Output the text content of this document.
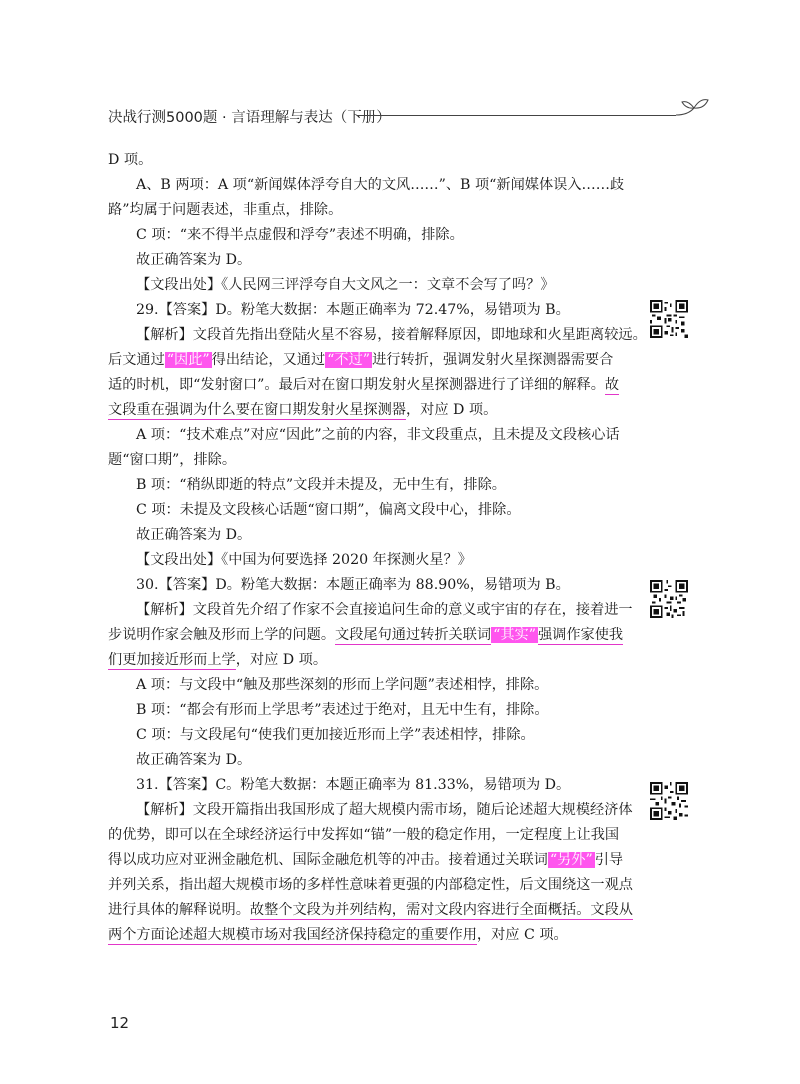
决战行测5000题 · 言语理解与表达（下册）
D 项。
A、B 两项：A 项“新闻媒体浮夸自大的文风……”、B 项“新闻媒体误入……歧
路”均属于问题表述，非重点，排除。
C 项：“来不得半点虚假和浮夸”表述不明确，排除。
故正确答案为 D。
【文段出处】《人民网三评浮夸自大文风之一：文章不会写了吗？》
29.【答案】D。粉笔大数据：本题正确率为 72.47%，易错项为 B。
【解析】文段首先指出登陆火星不容易，接着解释原因，即地球和火星距离较远。
后文通过 “因此” 得出结论，又通过 “不过” 进行转折，强调发射火星探测器需要合
适的时机，即“发射窗口”。最后对在窗口期发射火星探测器进行了详细的解释。故
文段重在强调为什么要在窗口期发射火星探测器，对应 D 项。
A 项：“技术难点”对应“因此”之前的内容，非文段重点，且未提及文段核心话
题“窗口期”，排除。
B 项：“稍纵即逝的特点”文段并未提及，无中生有，排除。
C 项：未提及文段核心话题“窗口期”，偏离文段中心，排除。
故正确答案为 D。
【文段出处】《中国为何要选择 2020 年探测火星？》
30.【答案】D。粉笔大数据：本题正确率为 88.90%，易错项为 B。
【解析】文段首先介绍了作家不会直接追问生命的意义或宇宙的存在，接着进一
步说明作家会触及形而上学的问题。文段尾句通过转折关联词 “其实” 强调作家使我
们更加接近形而上学，对应 D 项。
A 项：与文段中“触及那些深刻的形而上学问题”表述相悖，排除。
B 项：“都会有形而上学思考”表述过于绝对，且无中生有，排除。
C 项：与文段尾句“使我们更加接近形而上学”表述相悖，排除。
故正确答案为 D。
31.【答案】C。粉笔大数据：本题正确率为 81.33%，易错项为 D。
【解析】文段开篇指出我国形成了超大规模内需市场，随后论述超大规模经济体
的优势，即可以在全球经济运行中发挥如“锚”一般的稳定作用，一定程度上让我国
得以成功应对亚洲金融危机、国际金融危机等的冲击。接着通过关联词 “另外” 引导
并列关系，指出超大规模市场的多样性意味着更强的内部稳定性，后文围绕这一观点
进行具体的解释说明。故整个文段为并列结构，需对文段内容进行全面概括。文段从
两个方面论述超大规模市场对我国经济保持稳定的重要作用，对应 C 项。
12
